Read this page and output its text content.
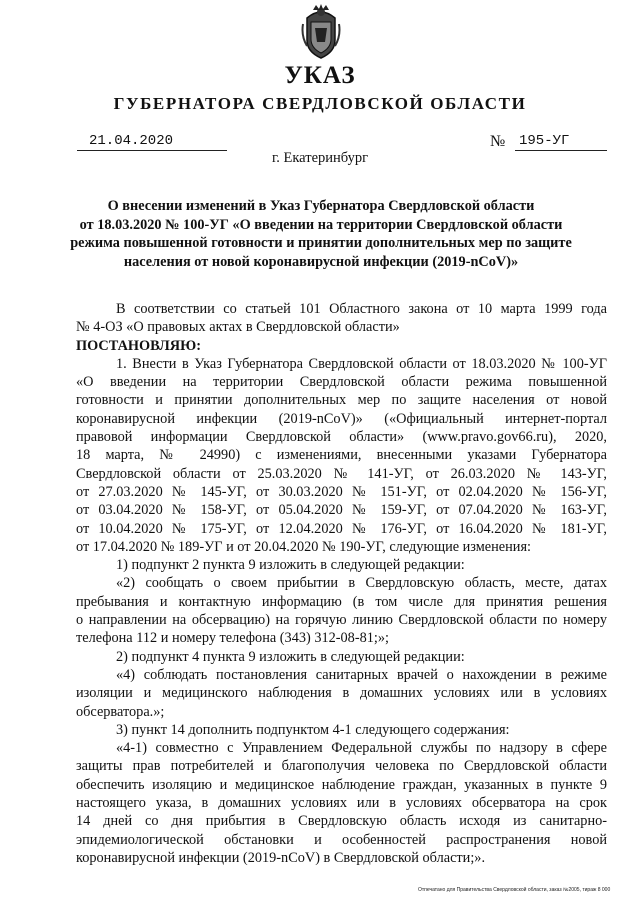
УКАЗ
ГУБЕРНАТОРА СВЕРДЛОВСКОЙ ОБЛАСТИ
21.04.2020	№ 195-УГ
г. Екатеринбург
О внесении изменений в Указ Губернатора Свердловской области
от 18.03.2020 № 100-УГ «О введении на территории Свердловской области
режима повышенной готовности и принятии дополнительных мер по защите
населения от новой коронавирусной инфекции (2019-nCoV)»
В соответствии со статьей 101 Областного закона от 10 марта 1999 года
№ 4-ОЗ «О правовых актах в Свердловской области»
ПОСТАНОВЛЯЮ:
1. Внести в Указ Губернатора Свердловской области от 18.03.2020 № 100-УГ
«О введении на территории Свердловской области режима повышенной
готовности и принятии дополнительных мер по защите населения от новой
коронавирусной инфекции (2019-nCoV)» («Официальный интернет-портал
правовой информации Свердловской области» (www.pravo.gov66.ru), 2020,
18 марта, № 24990) с изменениями, внесенными указами Губернатора
Свердловской области от 25.03.2020 № 141-УГ, от 26.03.2020 № 143-УГ,
от 27.03.2020 № 145-УГ, от 30.03.2020 № 151-УГ, от 02.04.2020 № 156-УГ,
от 03.04.2020 № 158-УГ, от 05.04.2020 № 159-УГ, от 07.04.2020 № 163-УГ,
от 10.04.2020 № 175-УГ, от 12.04.2020 № 176-УГ, от 16.04.2020 № 181-УГ,
от 17.04.2020 № 189-УГ и от 20.04.2020 № 190-УГ, следующие изменения:
1) подпункт 2 пункта 9 изложить в следующей редакции:
«2) сообщать о своем прибытии в Свердловскую область, месте, датах
пребывания и контактную информацию (в том числе для принятия решения
о направлении на обсервацию) на горячую линию Свердловской области по номеру
телефона 112 и номеру телефона (343) 312-08-81;»;
2) подпункт 4 пункта 9 изложить в следующей редакции:
«4) соблюдать постановления санитарных врачей о нахождении в режиме
изоляции и медицинского наблюдения в домашних условиях или в условиях
обсерватора.»;
3) пункт 14 дополнить подпунктом 4-1 следующего содержания:
«4-1) совместно с Управлением Федеральной службы по надзору в сфере
защиты прав потребителей и благополучия человека по Свердловской области
обеспечить изоляцию и медицинское наблюдение граждан, указанных в пункте 9
настоящего указа, в домашних условиях или в условиях обсерватора на срок
14 дней со дня прибытия в Свердловскую область исходя из санитарно-
эпидемиологической обстановки и особенностей распространения новой
коронавирусной инфекции (2019-nCoV) в Свердловской области;».
Отпечатано для Правительства Свердловской области, заказ №2005, тираж 8 000
